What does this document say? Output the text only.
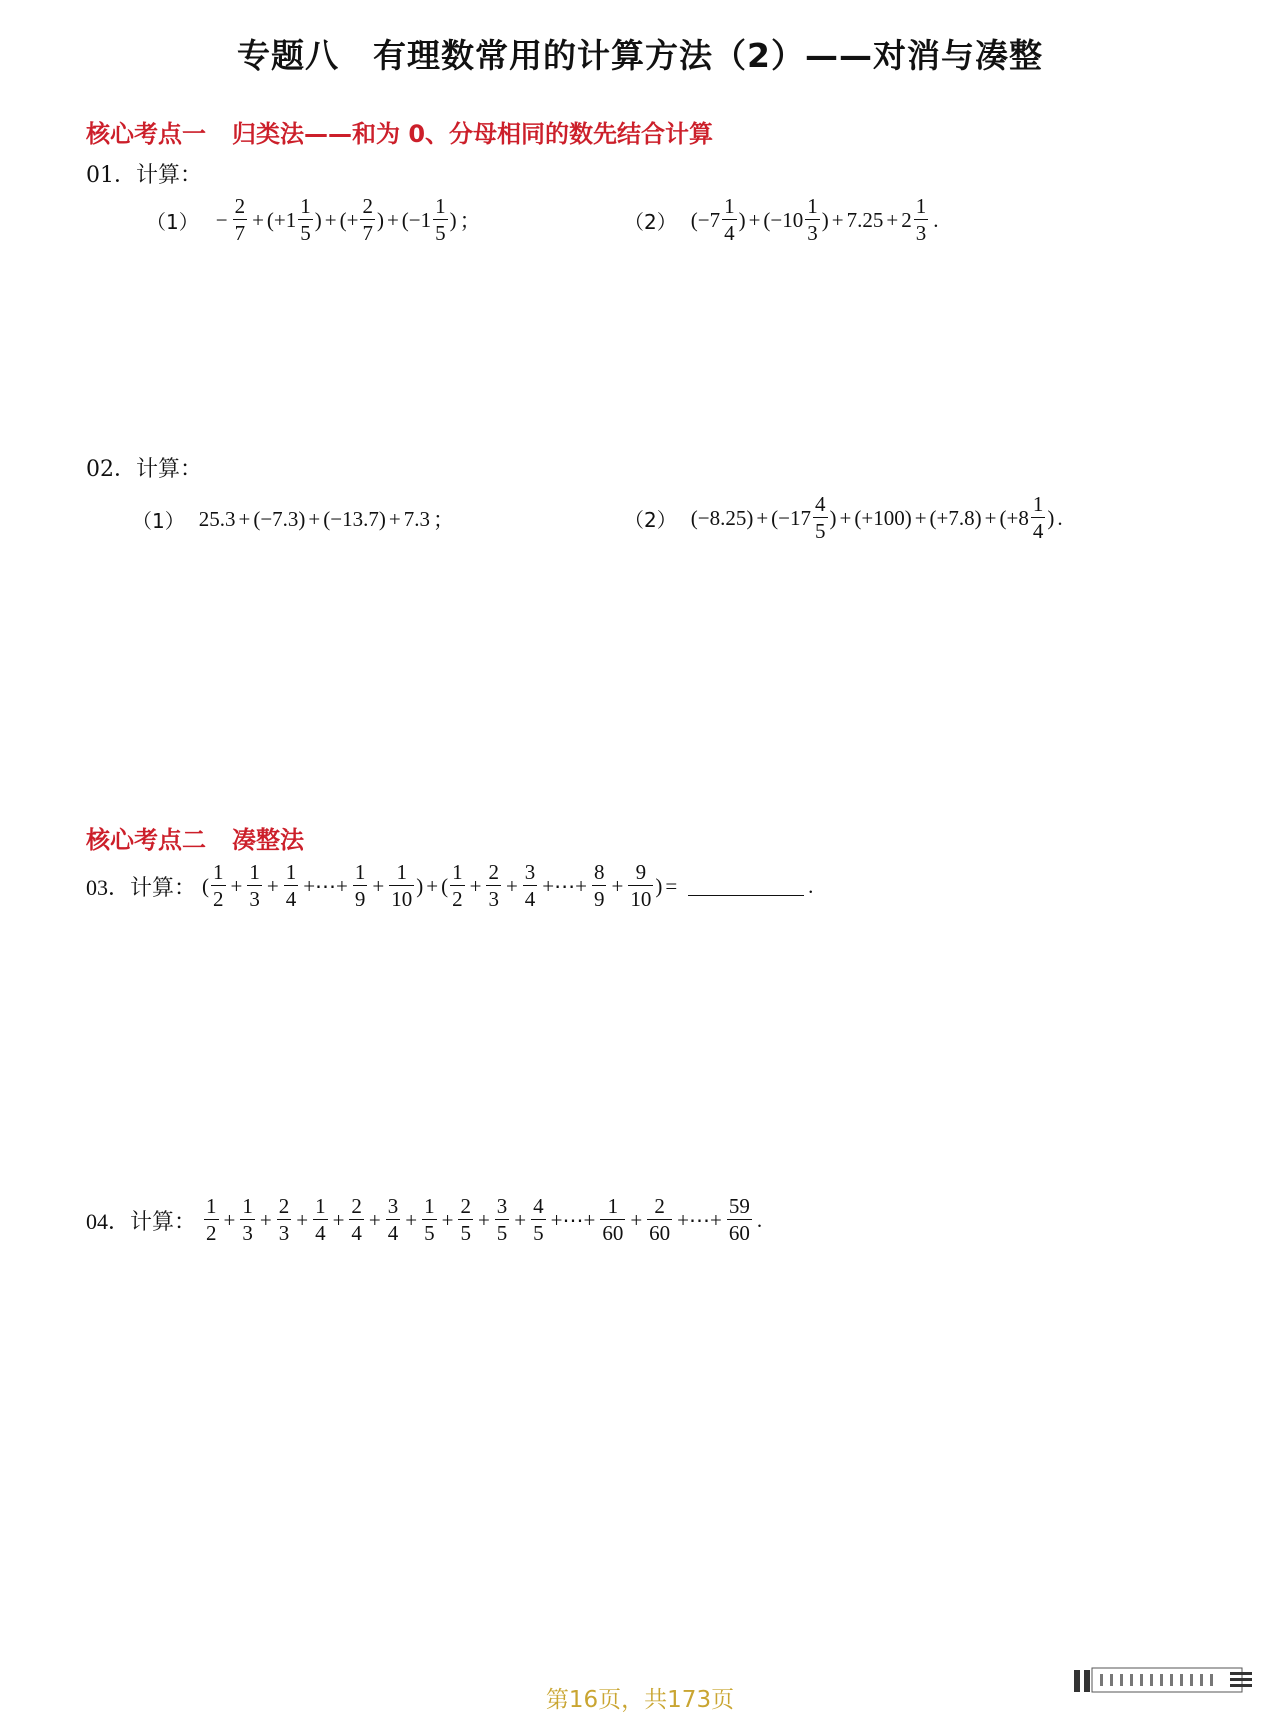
专题八 有理数常用的计算方法（2）——对消与凑整
核心考点一 归类法——和为 0、分母相同的数先结合计算
01．计算：
$(1) - \frac{2}{7} + (+1 \frac{1}{5}$ ) + (+ $\frac{2}{7}$ ) + ($-1 \frac{1}{5}$ ) ；	（2） ($-7 \frac{1}{4}$ ) + ($-10 \frac{1}{3}$ ) + $7.25 + 2 \frac{1}{3}$ .
02．计算：
（1） 25.3 + (−7.3) + (−13.7) + 7.3 ；	（2） $(-8.25) + (-17 \frac{4}{5}$ ) + $(+100) + (+7.8) + (+8 \frac{1}{4}$ ) .
核心考点二 凑整法
03．计算： ( $\frac{1}{2} + \frac{1}{3} + \frac{1}{4}$ +⋯+ $\frac{1}{9} + \frac{1}{10}$ ) + ( $\frac{1}{2} + \frac{2}{3} + \frac{3}{4}$ +⋯+ $\frac{8}{9} + \frac{9}{10}$ ) =	.
04．计算： $\frac{1}{2} + \frac{1}{3} + \frac{2}{3} + \frac{1}{4} + \frac{2}{4} + \frac{3}{4} + \frac{1}{5} + \frac{2}{5} + \frac{3}{5} + \frac{4}{5}$ +⋯+ $\frac{1}{60} + \frac{2}{60}$ +⋯+ $\frac{59}{60}$ .
第16页，共173页
